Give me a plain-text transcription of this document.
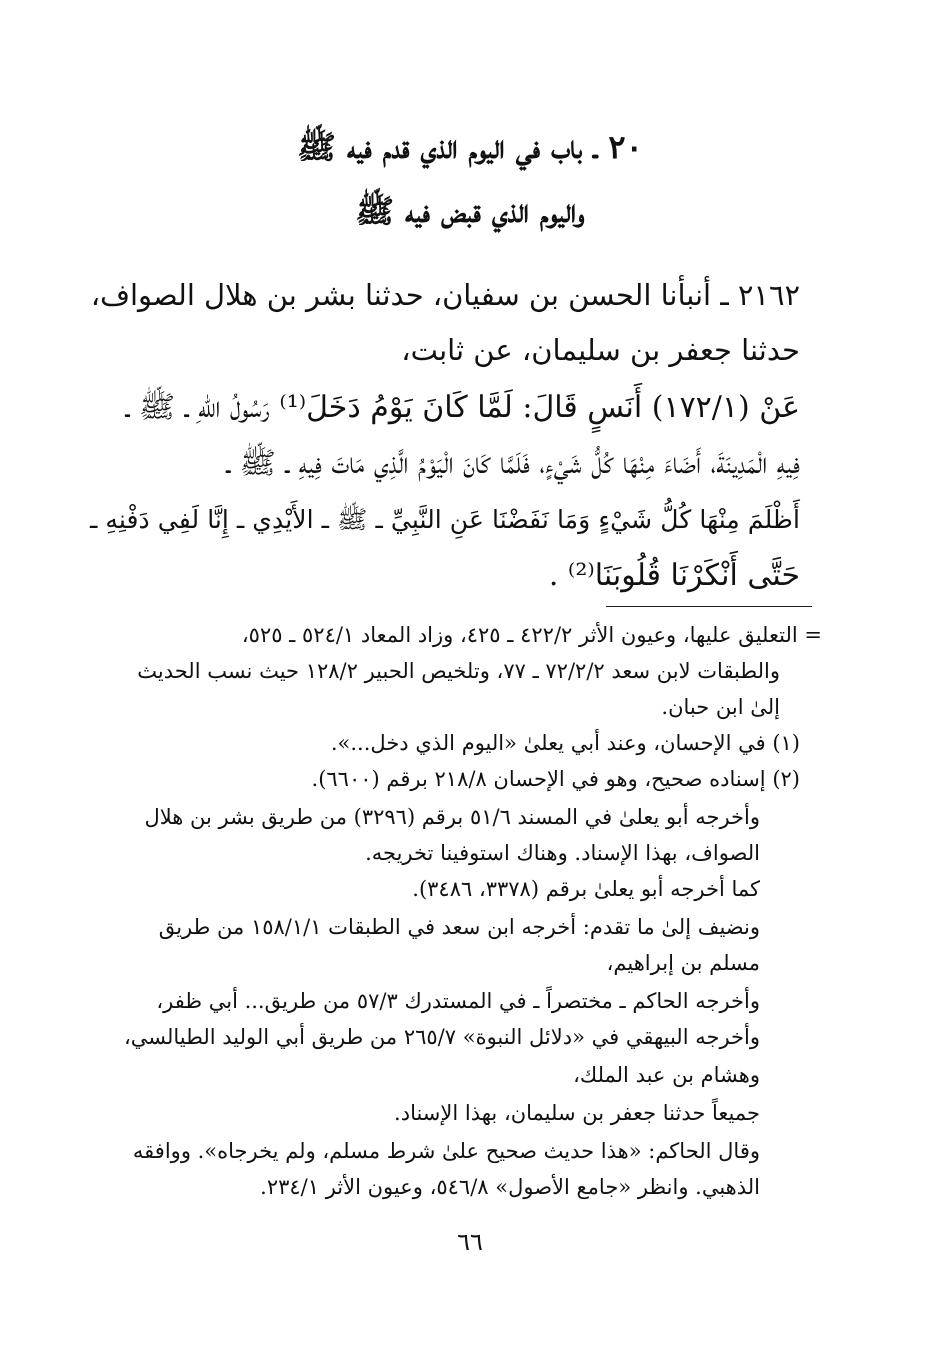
٢٠ ـ باب في اليوم الذي قدم فيه ﷺ
واليوم الذي قبض فيه ﷺ
٢١٦٢ ـ أنبأنا الحسن بن سفيان، حدثنا بشر بن هلال الصواف،
حدثنا جعفر بن سليمان، عن ثابت،
عَنْ (١٧٢/١) أَنَسٍ قَالَ: لَمَّا كَانَ يَوْمُ دَخَلَ⁽¹⁾ رَسُولُ اللهِ ـ ﷺ ـ
فِيهِ الْمَدِينَةَ، أَضَاءَ مِنْهَا كُلُّ شَيْءٍ، فَلَمَّا كَانَ الْيَوْمُ الَّذِي مَاتَ فِيهِ ـ ﷺ ـ
أَظْلَمَ مِنْهَا كُلُّ شَيْءٍ وَمَا نَفَضْنَا عَنِ النَّبِيِّ ـ ﷺ ـ الأَيْدِي ـ إِنَّا لَفِي دَفْنِهِ ـ
حَتَّى أَنْكَرْنَا قُلُوبَنَا⁽²⁾ .
= التعليق عليها، وعيون الأثر ٤٢٢/٢ ـ ٤٢٥، وزاد المعاد ٥٢٤/١ ـ ٥٢٥،
والطبقات لابن سعد ٧٢/٢/٢ ـ ٧٧، وتلخيص الحبير ١٢٨/٢ حيث نسب الحديث
إلىٰ ابن حبان.
(١) في الإحسان، وعند أبي يعلىٰ «اليوم الذي دخل...».
(٢) إسناده صحيح، وهو في الإحسان ٢١٨/٨ برقم (٦٦٠٠).
وأخرجه أبو يعلىٰ في المسند ٥١/٦ برقم (٣٢٩٦) من طريق بشر بن هلال
الصواف، بهذا الإسناد. وهناك استوفينا تخريجه.
كما أخرجه أبو يعلىٰ برقم (٣٣٧٨، ٣٤٨٦).
ونضيف إلىٰ ما تقدم: أخرجه ابن سعد في الطبقات ١٥٨/١/١ من طريق
مسلم بن إبراهيم،
وأخرجه الحاكم ـ مختصراً ـ في المستدرك ٥٧/٣ من طريق... أبي ظفر،
وأخرجه البيهقي في «دلائل النبوة» ٢٦٥/٧ من طريق أبي الوليد الطيالسي،
وهشام بن عبد الملك،
جميعاً حدثنا جعفر بن سليمان، بهذا الإسناد.
وقال الحاكم: «هذا حديث صحيح علىٰ شرط مسلم، ولم يخرجاه». ووافقه
الذهبي. وانظر «جامع الأصول» ٥٤٦/٨، وعيون الأثر ٢٣٤/١.
٦٦
